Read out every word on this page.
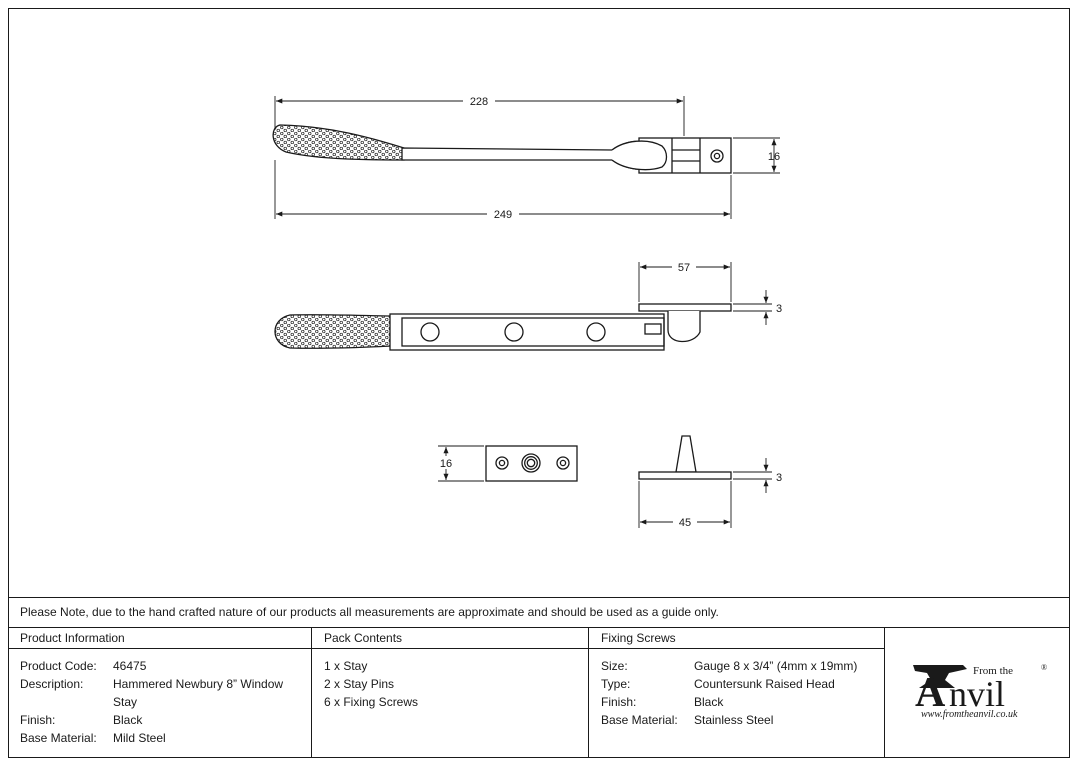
228
249
16
57
3
16
3
45
Please Note, due to the hand crafted nature of our products all measurements are approximate and should be used as a guide only.
Product Information
Product Code:	46475
Description:	Hammered Newbury 8” Window Stay
Finish:	Black
Base Material:	Mild Steel
Pack Contents
1 x Stay
2 x Stay Pins
6 x Fixing Screws
Fixing Screws
Size:	Gauge 8 x 3/4” (4mm x 19mm)
Type:	Countersunk Raised Head
Finish:	Black
Base Material:	Stainless Steel
From the	®
A nvil
www.fromtheanvil.co.uk
